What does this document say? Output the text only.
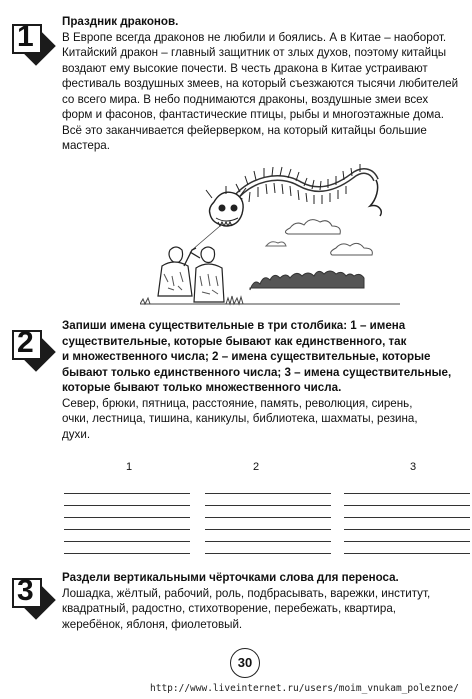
1 Праздник драконов.
В Европе всегда драконов не любили и боялись. А в Китае – наоборот.
Китайский дракон – главный защитник от злых духов, поэтому китайцы
воздают ему высокие почести. В честь дракона в Китае устраивают
фестиваль воздушных змеев, на который съезжаются тысячи любителей
со всего мира. В небо поднимаются драконы, воздушные змеи всех
форм и фасонов, фантастические птицы, рыбы и многоэтажные дома.
Всё это заканчивается фейерверком, на который китайцы большие
мастера.
2
Запиши имена существительные в три столбика: 1 – имена
существительные, которые бывают как единственного, так
и множественного числа; 2 – имена существительные, которые
бывают только единственного числа; 3 – имена существительные,
которые бывают только множественного числа.
Север, брюки, пятница, расстояние, память, революция, сирень,
очки, лестница, тишина, каникулы, библиотека, шахматы, резина,
духи.
1	2	3
3 Раздели вертикальными чёрточками слова для переноса.
Лошадка, жёлтый, рабочий, роль, подбрасывать, варежки, институт,
квадратный, радостно, стихотворение, перебежать, квартира,
жеребёнок, яблоня, фиолетовый.
30
http://www.liveinternet.ru/users/moim_vnukam_poleznoe/
